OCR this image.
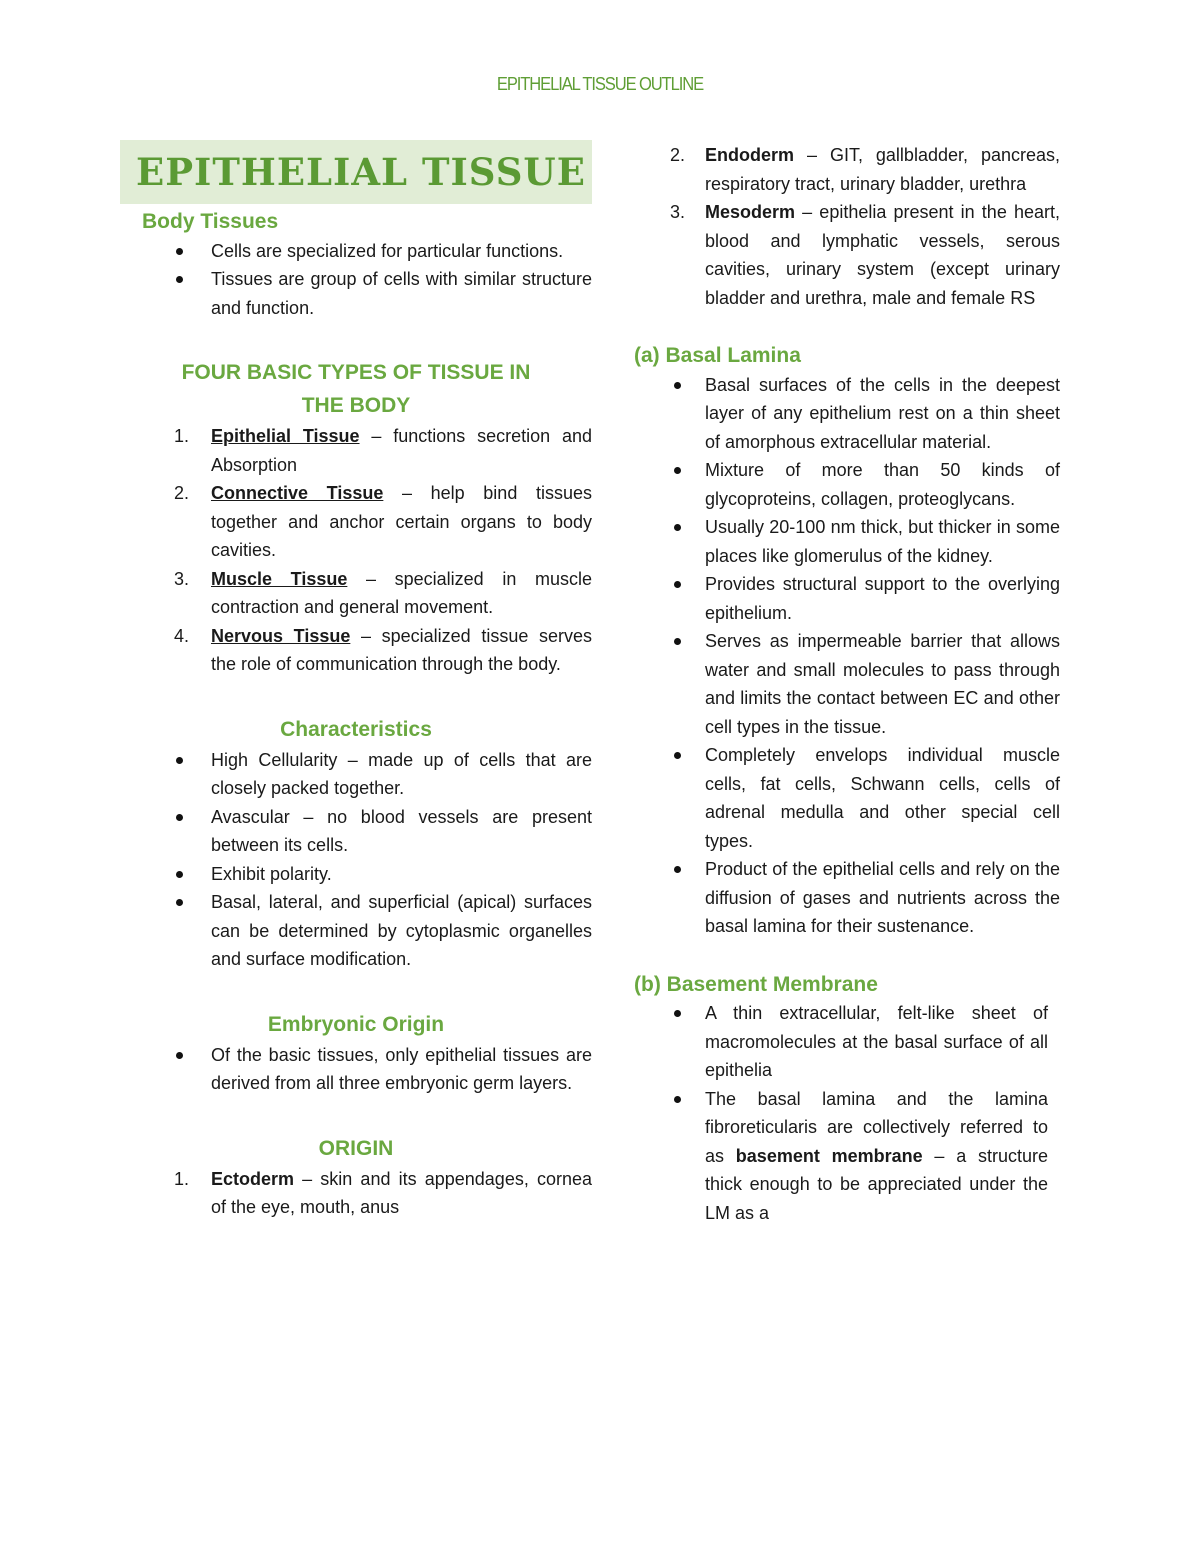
EPITHELIAL TISSUE OUTLINE
EPITHELIAL TISSUE
Body Tissues
Cells are specialized for particular functions.
Tissues are group of cells with similar structure and function.
FOUR BASIC TYPES OF TISSUE IN THE BODY
1. Epithelial Tissue – functions secretion and Absorption
2. Connective Tissue – help bind tissues together and anchor certain organs to body cavities.
3. Muscle Tissue – specialized in muscle contraction and general movement.
4. Nervous Tissue – specialized tissue serves the role of communication through the body.
Characteristics
High Cellularity – made up of cells that are closely packed together.
Avascular – no blood vessels are present between its cells.
Exhibit polarity.
Basal, lateral, and superficial (apical) surfaces can be determined by cytoplasmic organelles and surface modification.
Embryonic Origin
Of the basic tissues, only epithelial tissues are derived from all three embryonic germ layers.
ORIGIN
1. Ectoderm – skin and its appendages, cornea of the eye, mouth, anus
2. Endoderm – GIT, gallbladder, pancreas, respiratory tract, urinary bladder, urethra
3. Mesoderm – epithelia present in the heart, blood and lymphatic vessels, serous cavities, urinary system (except urinary bladder and urethra, male and female RS
(a) Basal Lamina
Basal surfaces of the cells in the deepest layer of any epithelium rest on a thin sheet of amorphous extracellular material.
Mixture of more than 50 kinds of glycoproteins, collagen, proteoglycans.
Usually 20-100 nm thick, but thicker in some places like glomerulus of the kidney.
Provides structural support to the overlying epithelium.
Serves as impermeable barrier that allows water and small molecules to pass through and limits the contact between EC and other cell types in the tissue.
Completely envelops individual muscle cells, fat cells, Schwann cells, cells of adrenal medulla and other special cell types.
Product of the epithelial cells and rely on the diffusion of gases and nutrients across the basal lamina for their sustenance.
(b) Basement Membrane
A thin extracellular, felt-like sheet of macromolecules at the basal surface of all epithelia
The basal lamina and the lamina fibroreticularis are collectively referred to as basement membrane – a structure thick enough to be appreciated under the LM as a
